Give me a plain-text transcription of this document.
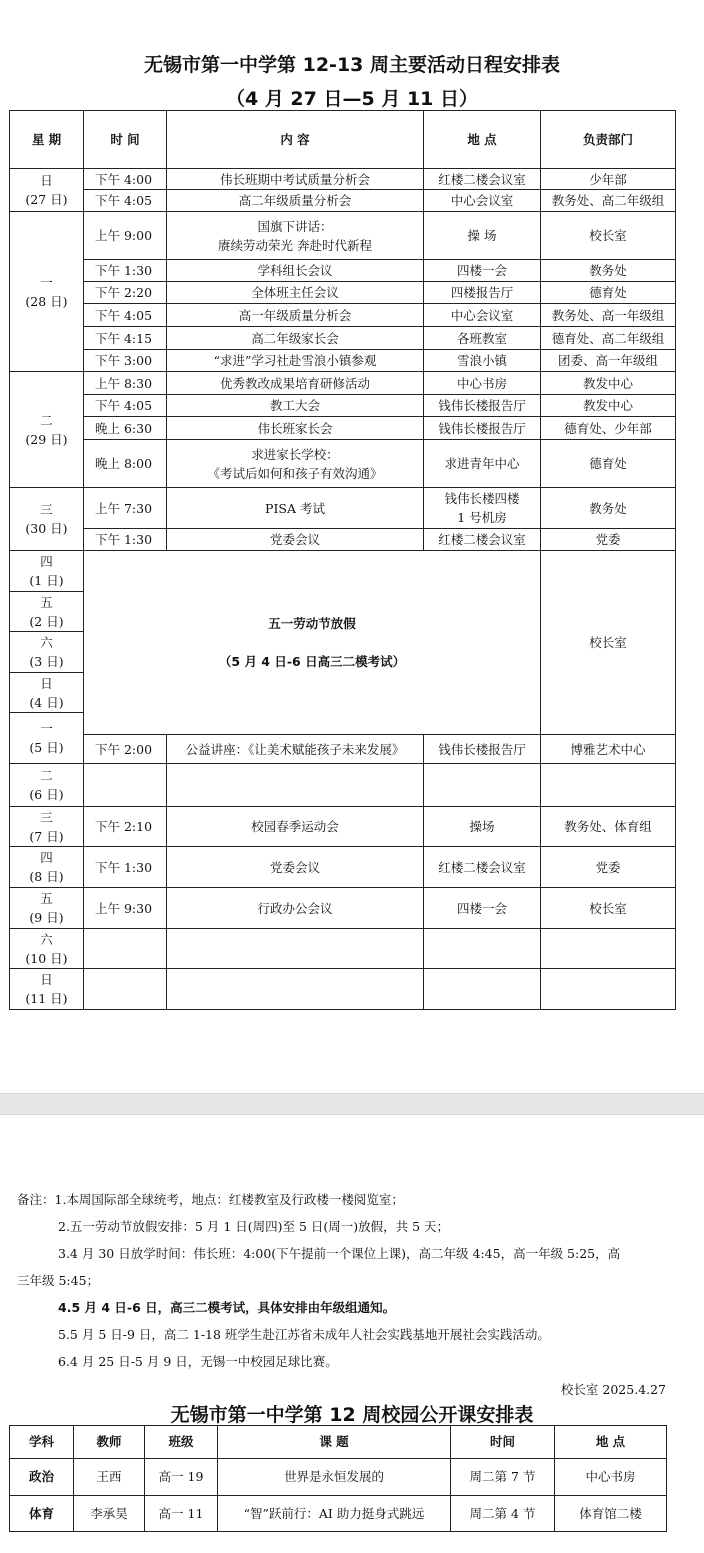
无锡市第一中学第 12-13 周主要活动日程安排表
（4 月 27 日—5 月 11 日）
星 期	时 间	内 容	地 点	负责部门

日
(27 日)	下午 4:00	伟长班期中考试质量分析会	红楼二楼会议室	少年部
	下午 4:05	高二年级质量分析会	中心会议室	教务处、高二年级组

一
(28 日)	上午 9:00	国旗下讲话：
赓续劳动荣光 奔赴时代新程	操 场	校长室
	下午 1:30	学科组长会议	四楼一会	教务处
	下午 2:20	全体班主任会议	四楼报告厅	德育处
	下午 4:05	高一年级质量分析会	中心会议室	教务处、高一年级组
	下午 4:15	高二年级家长会	各班教室	德育处、高二年级组
	下午 3:00	“求进”学习社赴雪浪小镇参观	雪浪小镇	团委、高一年级组

二
(29 日)	上午 8:30	优秀教改成果培育研修活动	中心书房	教发中心
	下午 4:05	教工大会	钱伟长楼报告厅	教发中心
	晚上 6:30	伟长班家长会	钱伟长楼报告厅	德育处、少年部
	晚上 8:00	求进家长学校：
《考试后如何和孩子有效沟通》	求进青年中心	德育处

三
(30 日)	上午 7:30	PISA 考试	钱伟长楼四楼
1 号机房	教务处
	下午 1:30	党委会议	红楼二楼会议室	党委

四
(1 日)	五一劳动节放假
（5 月 4 日-6 日高三二模考试）			校长室

五
(2 日)				

六
(3 日)				

日
(4 日)				

一
(5 日)				

	下午 2:00	公益讲座：《让美术赋能孩子未来发展》	钱伟长楼报告厅	博雅艺术中心

二
(6 日)				

三
(7 日)	下午 2:10	校园春季运动会	操场	教务处、体育组

四
(8 日)	下午 1:30	党委会议	红楼二楼会议室	党委

五
(9 日)	上午 9:30	行政办公会议	四楼一会	校长室

六
(10 日)				

日
(11 日)				

备注：1.本周国际部全球统考，地点：红楼教室及行政楼一楼阅览室；
2.五一劳动节放假安排：5 月 1 日(周四)至 5 日(周一)放假，共 5 天；
3.4 月 30 日放学时间：伟长班：4:00(下午提前一个课位上课)，高二年级 4:45，高一年级 5:25，高
三年级 5:45；
4.5 月 4 日-6 日，高三二模考试，具体安排由年级组通知。
5.5 月 5 日-9 日，高二 1-18 班学生赴江苏省未成年人社会实践基地开展社会实践活动。
6.4 月 25 日-5 月 9 日，无锡一中校园足球比赛。
校长室 2025.4.27
无锡市第一中学第 12 周校园公开课安排表
学科	教师	班级	课 题	时间	地 点
政治	王西	高一 19	世界是永恒发展的	周二第 7 节	中心书房
体育	李承昊	高一 11	“智”跃前行：AI 助力挺身式跳远	周二第 4 节	体育馆二楼
